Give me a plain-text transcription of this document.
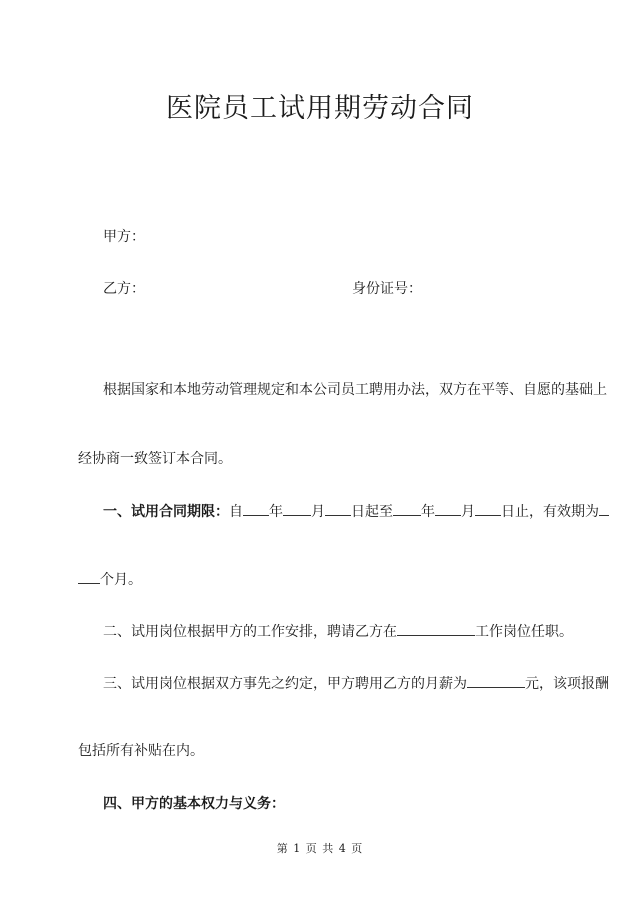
医院员工试用期劳动合同
甲方：
乙方：	身份证号：
根据国家和本地劳动管理规定和本公司员工聘用办法，双方在平等、自愿的基础上
经协商一致签订本合同。
一、试用合同期限：自 年 月 日起至 年 月 日止，有效期为
个月。
二、试用岗位根据甲方的工作安排，聘请乙方在	工作岗位任职。
三、试用岗位根据双方事先之约定，甲方聘用乙方的月薪为	元，该项报酬
包括所有补贴在内。
四、甲方的基本权力与义务：
第 1 页 共 4 页
